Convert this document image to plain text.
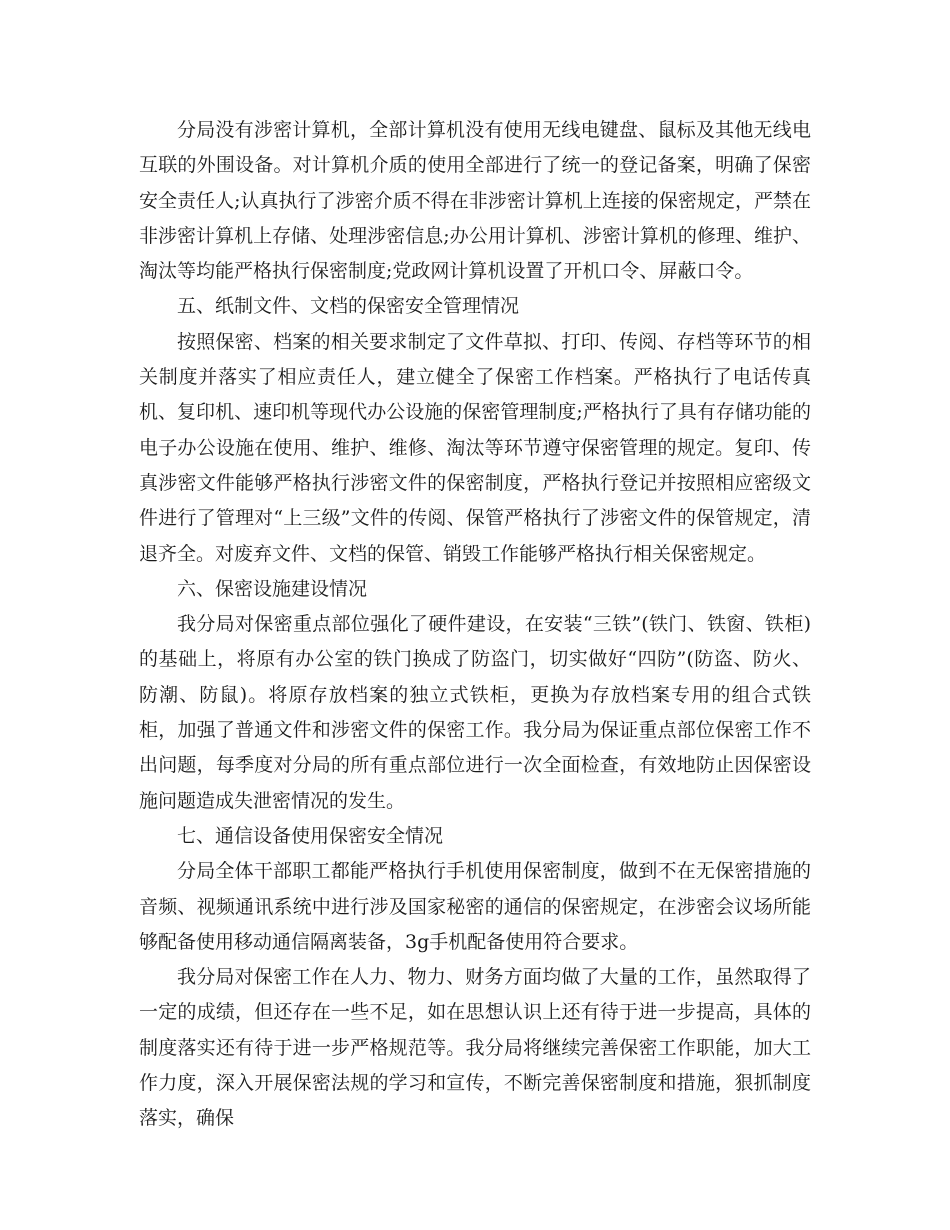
分局没有涉密计算机，全部计算机没有使用无线电键盘、鼠标及其他无线电互联的外围设备。对计算机介质的使用全部进行了统一的登记备案，明确了保密安全责任人;认真执行了涉密介质不得在非涉密计算机上连接的保密规定，严禁在非涉密计算机上存储、处理涉密信息;办公用计算机、涉密计算机的修理、维护、淘汰等均能严格执行保密制度;党政网计算机设置了开机口令、屏蔽口令。

五、纸制文件、文档的保密安全管理情况

按照保密、档案的相关要求制定了文件草拟、打印、传阅、存档等环节的相关制度并落实了相应责任人，建立健全了保密工作档案。严格执行了电话传真机、复印机、速印机等现代办公设施的保密管理制度;严格执行了具有存储功能的电子办公设施在使用、维护、维修、淘汰等环节遵守保密管理的规定。复印、传真涉密文件能够严格执行涉密文件的保密制度，严格执行登记并按照相应密级文件进行了管理对“上三级”文件的传阅、保管严格执行了涉密文件的保管规定，清退齐全。对废弃文件、文档的保管、销毁工作能够严格执行相关保密规定。

六、保密设施建设情况

我分局对保密重点部位强化了硬件建设，在安装“三铁”(铁门、铁窗、铁柜)的基础上，将原有办公室的铁门换成了防盗门，切实做好“四防”(防盗、防火、防潮、防鼠)。将原存放档案的独立式铁柜，更换为存放档案专用的组合式铁柜，加强了普通文件和涉密文件的保密工作。我分局为保证重点部位保密工作不出问题，每季度对分局的所有重点部位进行一次全面检查，有效地防止因保密设施问题造成失泄密情况的发生。

七、通信设备使用保密安全情况

分局全体干部职工都能严格执行手机使用保密制度，做到不在无保密措施的音频、视频通讯系统中进行涉及国家秘密的通信的保密规定，在涉密会议场所能够配备使用移动通信隔离装备，3g手机配备使用符合要求。

我分局对保密工作在人力、物力、财务方面均做了大量的工作，虽然取得了一定的成绩，但还存在一些不足，如在思想认识上还有待于进一步提高，具体的制度落实还有待于进一步严格规范等。我分局将继续完善保密工作职能，加大工作力度，深入开展保密法规的学习和宣传，不断完善保密制度和措施，狠抓制度落实，确保
